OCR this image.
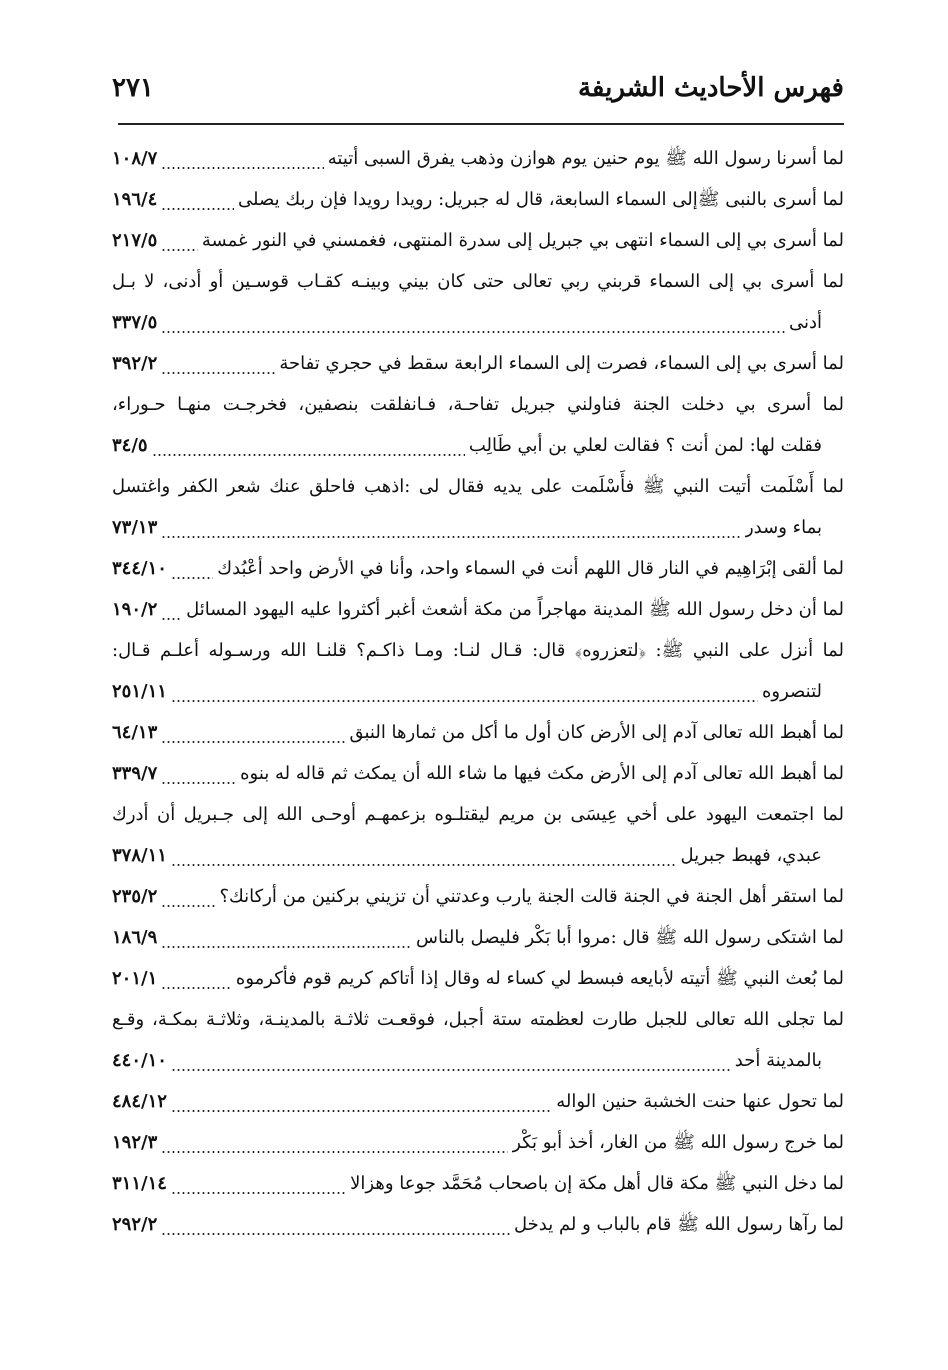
فهرس الأحاديث الشريفة
٢٧١
لما أسرنا رسول الله ﷺ يوم حنين يوم هوازن وذهب يفرق السبى أتيته
١٠٨/٧
لما أسرى بالنبى ﷺإلى السماء السابعة، قال له جبريل: رويدا رويدا فإن ربك يصلى
١٩٦/٤
لما أسرى بي إلى السماء انتهى بي جبريل إلى سدرة المنتهى، فغمسني في النور غمسة
٢١٧/٥
لما أسرى بي إلى السماء قربني ربي تعالى حتى كان بيني وبينـه كقـاب قوسـين أو أدنى، لا بـل
أدنى
٣٣٧/٥
لما أسرى بي إلى السماء، فصرت إلى السماء الرابعة سقط في حجري تفاحة
٣٩٢/٢
لما أسرى بي دخلت الجنة فناولني جبريل تفاحـة، فـانفلقت بنصفين، فخرجـت منهـا حـوراء،
فقلت لها: لمن أنت ؟ فقالت لعلي بن أبي طَالِب
٣٤/٥
لما أَسْلَمت أتيت النبي ﷺ فأَسْلَمت على يديه فقال لى :اذهب فاحلق عنك شعر الكفر واغتسل
بماء وسدر
٧٣/١٣
لما ألقى إبْرَاهِيم في النار قال اللهم أنت في السماء واحد، وأنا في الأرض واحد أعْبُدك
٣٤٤/١٠
لما أن دخل رسول الله ﷺ المدينة مهاجراً من مكة أشعث أغبر أكثروا عليه اليهود المسائل
١٩٠/٢
لما أنزل على النبي ﷺ: ﴿لتعزروه﴾ قال: قـال لنـا: ومـا ذاكـم؟ قلنـا الله ورسـوله أعلـم قـال:
لتنصروه
٢٥١/١١
لما أهبط الله تعالى آدم إلى الأرض كان أول ما أكل من ثمارها النبق
٦٤/١٣
لما أهبط الله تعالى آدم إلى الأرض مكث فيها ما شاء الله أن يمكث ثم قاله له بنوه
٣٣٩/٧
لما اجتمعت اليهود على أخي عِيسَى بن مريم ليقتلـوه بزعمهـم أوحـى الله إلى جـبريل أن أدرك
عبدي، فهبط جبريل
٣٧٨/١١
لما استقر أهل الجنة في الجنة قالت الجنة يارب وعدتني أن تزيني بركنين من أركانك؟
٢٣٥/٢
لما اشتكى رسول الله ﷺ قال :مروا أبا بَكْر فليصل بالناس
١٨٦/٩
لما بُعث النبي ﷺ أتيته لأبايعه فبسط لي كساء له وقال إذا أتاكم كريم قوم فأكرموه
٢٠١/١
لما تجلى الله تعالى للجبل طارت لعظمته ستة أجبل، فوقعـت ثلاثـة بالمدينـة، وثلاثـة بمكـة، وقـع
بالمدينة أحد
٤٤٠/١٠
لما تحول عنها حنت الخشبة حنين الواله
٤٨٤/١٢
لما خرج رسول الله ﷺ من الغار، أخذ أبو بَكْر
١٩٢/٣
لما دخل النبي ﷺ مكة قال أهل مكة إن باصحاب مُحَمَّد جوعا وهزالا
٣١١/١٤
لما رآها رسول الله ﷺ قام بالباب و لم يدخل
٢٩٢/٢
